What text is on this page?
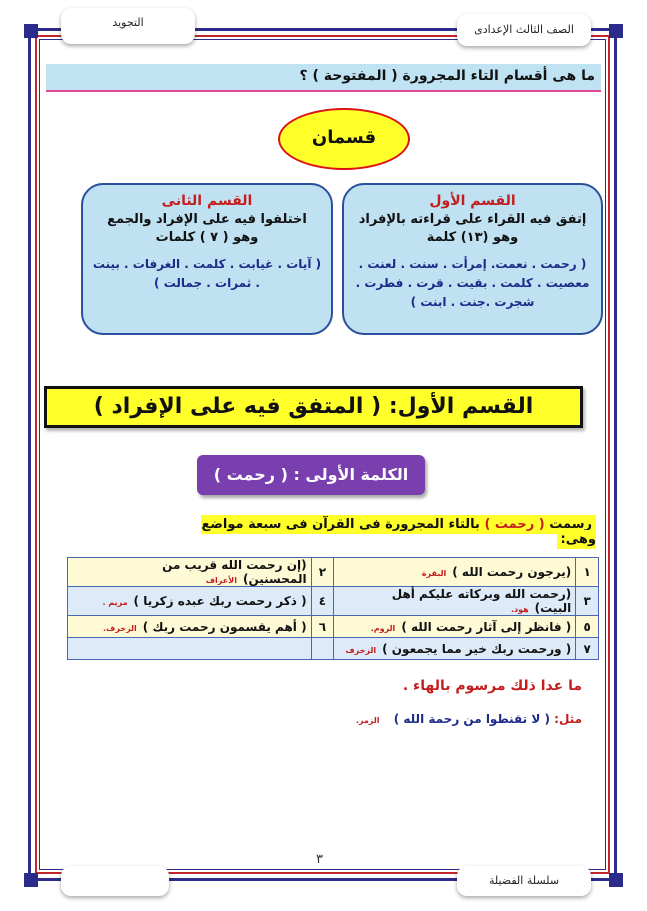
الصف الثالث الإعدادى
التجويد
ما هى أقسام التاء المجرورة ( المفتوحة ) ؟
قسمان
القسم الأول
إتفق فيه القراء على قراءته بالإفراد
وهو (١٣) كلمة
( رحمت . نعمت. إمرأت . سنت . لعنت . معصيت . كلمت . بقيت . قرت . فطرت . شجرت .جنت . ابنت )
القسم الثانى
اختلفوا فيه على الإفراد والجمع
وهو ( ٧ ) كلمات
( آيات . غيابت . كلمت . الغرفات . بينت . ثمرات . جمالت )
القسم الأول: ( المتفق فيه على الإفراد )
الكلمة الأولى : ( رحمت )
رسمت ( رحمت ) بالتاء المجرورة فى القرآن فى سبعة مواضع وهى:
١	(يرجون رحمت الله )البقرة	٢	(إن رحمت الله قريب من المحسنين)الأعراف
٣	(رحمت الله وبركاته عليكم أهل البيت)هود.	٤	( ذكر رحمت ربك عبده زكريا )مريم .
٥	( فانظر إلى آثار رحمت الله )الروم.	٦	( أهم يقسمون رحمت ربك )الزخرف.
٧	( ورحمت ربك خير مما يجمعون )الزخرف		
ما عدا ذلك مرسوم بالهاء .
مثل: ( لا تقنطوا من رحمة الله ) الزمر.
٣
سلسلة الفضيلة
